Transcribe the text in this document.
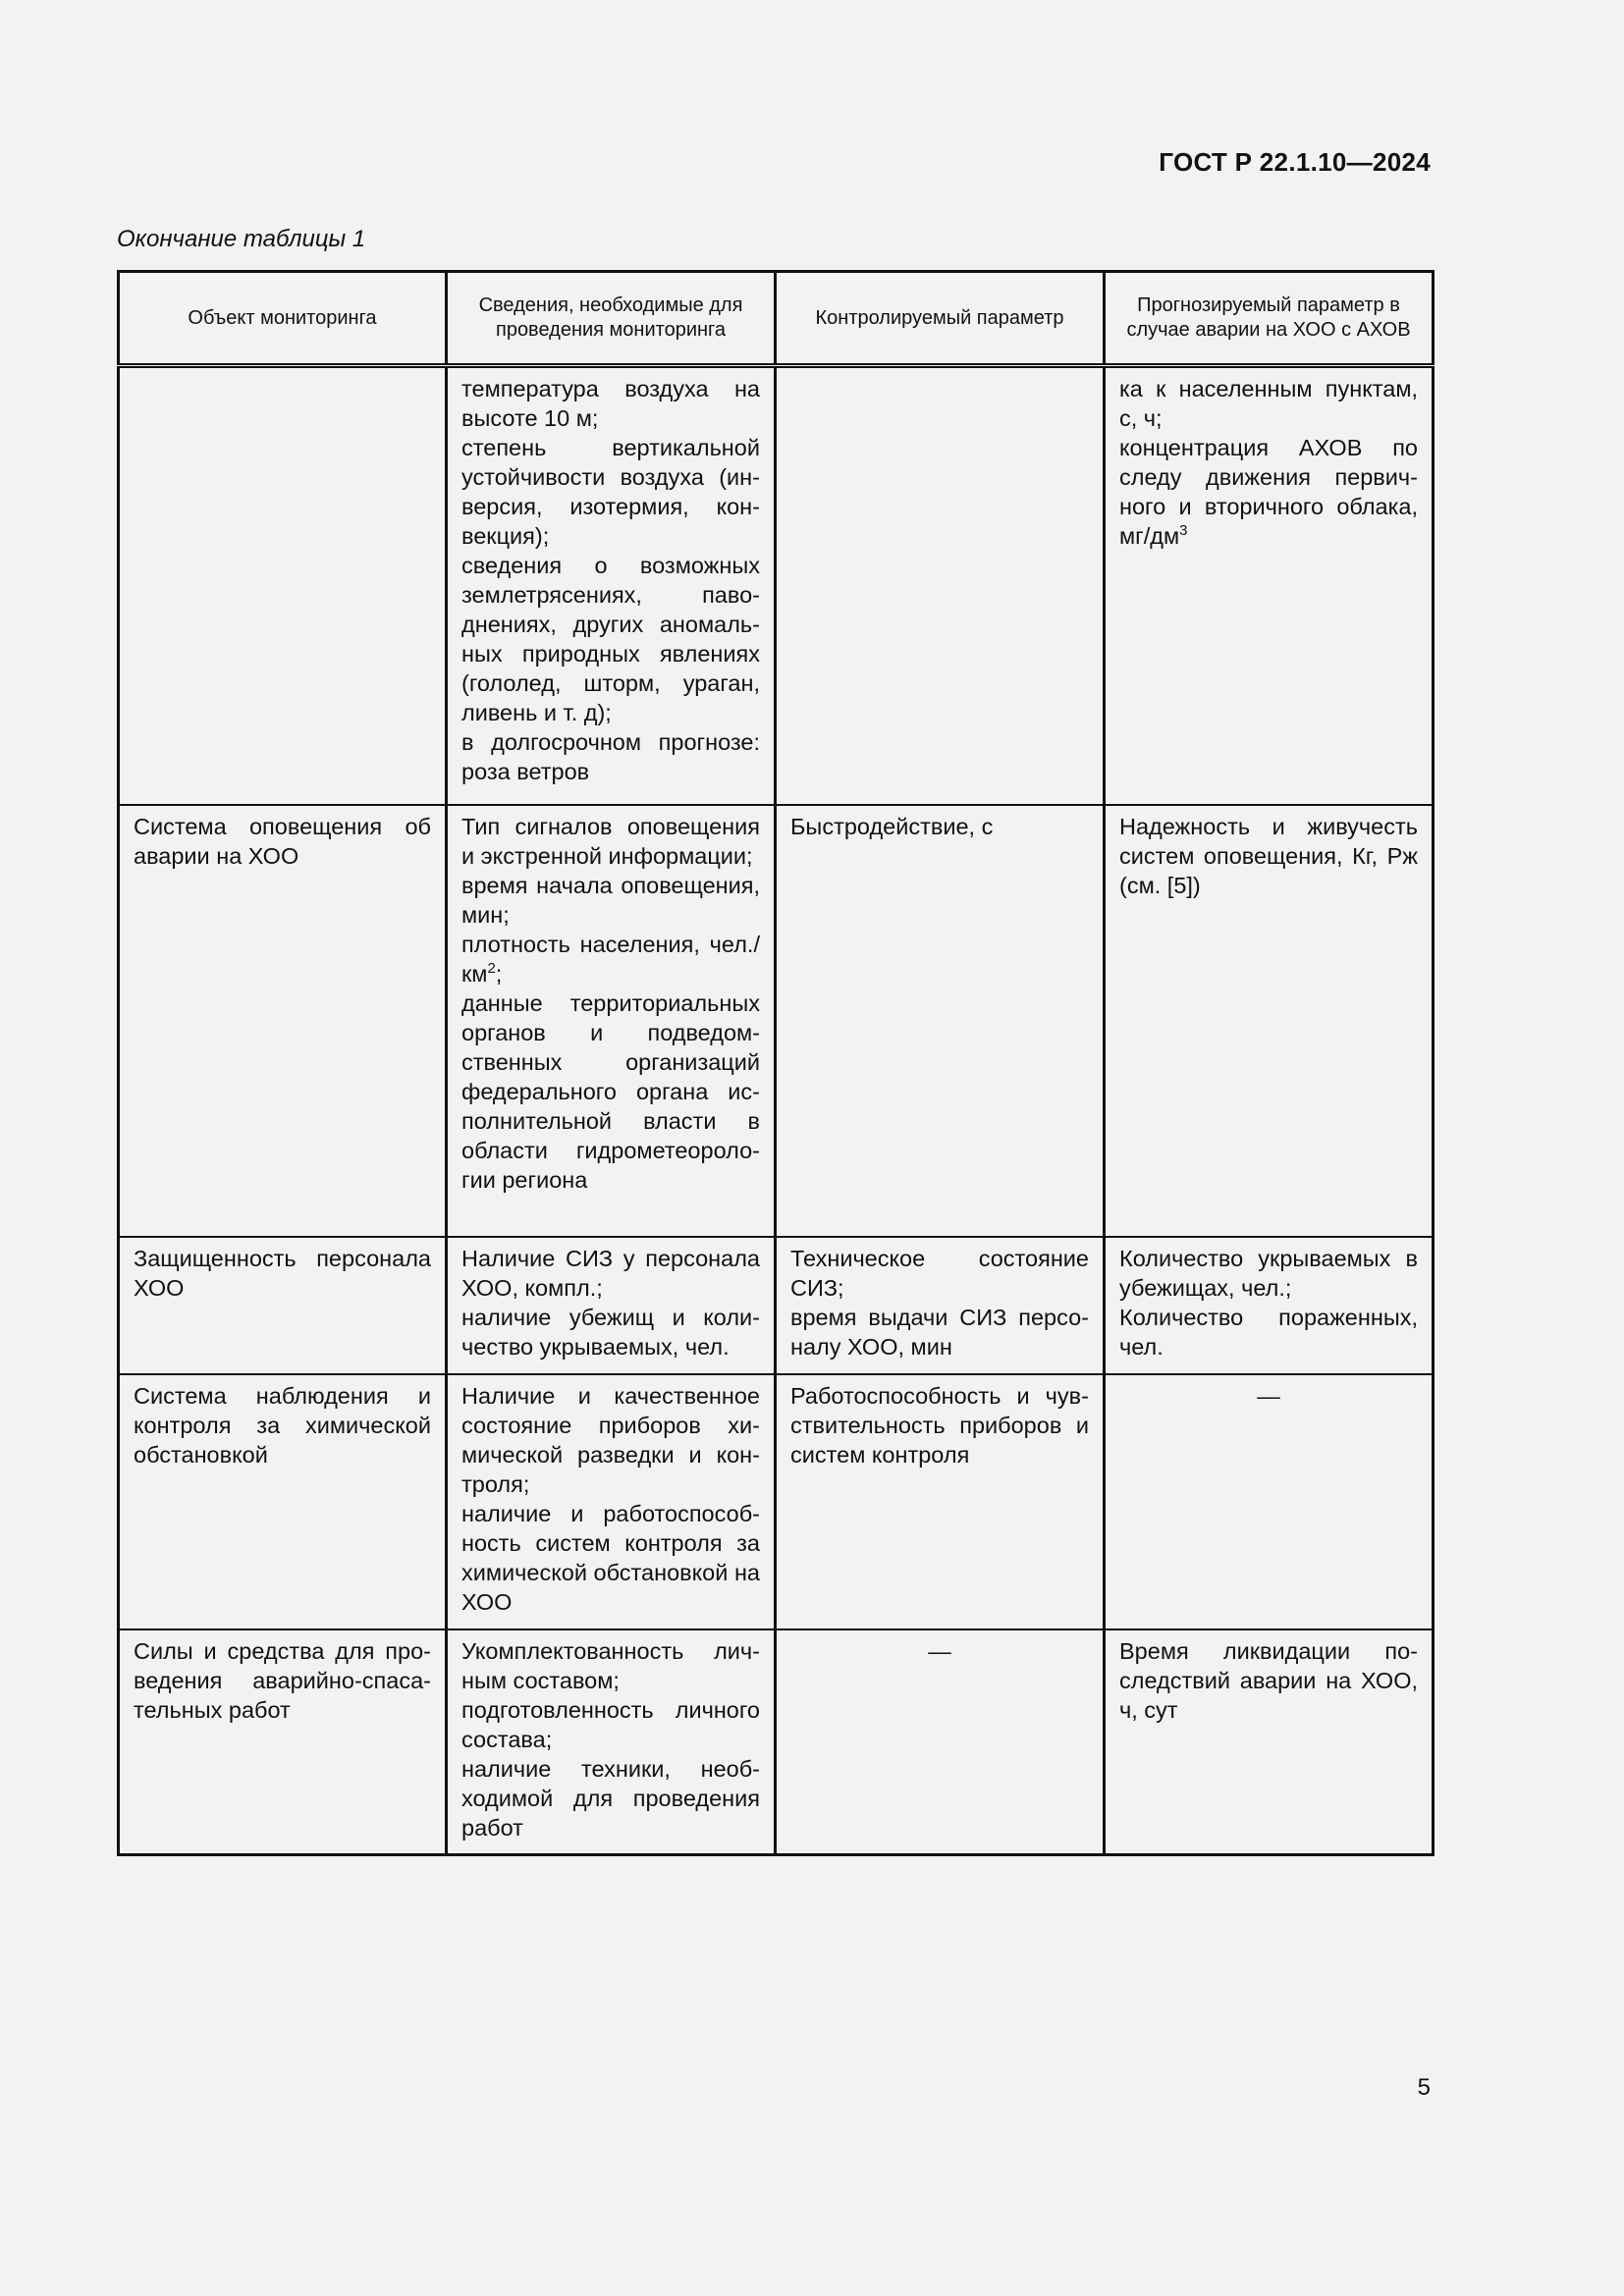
ГОСТ Р 22.1.10—2024
Окончание таблицы 1
Объект мониторинга	Сведения, необходимые для проведения мониторинга	Контролируемый параметр	Прогнозируемый параметр в случае аварии на ХОО с АХОВ

	температура воздуха на высоте 10 м;
степень вертикальной устойчивости воздуха (инверсия, изотермия, конвекция);
сведения о возможных землетрясениях, паводнениях, других аномальных природных явлениях (гололед, шторм, ураган, ливень и т. д);
в долгосрочном прогнозе: роза ветров		ка к населенным пунктам, с, ч;
концентрация АХОВ по следу движения первичного и вторичного облака, $мг/дм^3$

Система оповещения об аварии на ХОО	Тип сигналов оповещения и экстренной информации;
время начала оповещения, мин;
плотность населения, $чел./км^2$;
данные территориальных органов и подведомственных организаций федерального органа исполнительной власти в области гидрометеорологии региона	Быстродействие, с	Надежность и живучесть систем оповещения, Кг, Рж (см. [5])

Защищенность персонала ХОО	Наличие СИЗ у персонала ХОО, компл.;
наличие убежищ и количество укрываемых, чел.	Техническое состояние СИЗ;
время выдачи СИЗ персоналу ХОО, мин	Количество укрываемых в убежищах, чел.;
Количество пораженных, чел.

Система наблюдения и контроля за химической обстановкой	Наличие и качественное состояние приборов химической разведки и контроля;
наличие и работоспособность систем контроля за химической обстановкой на ХОО	Работоспособность и чувствительность приборов и систем контроля	—

Силы и средства для проведения аварийно-спасательных работ	Укомплектованность личным составом;
подготовленность личного состава;
наличие техники, необходимой для проведения работ	—	Время ликвидации последствий аварии на ХОО, ч, сут
5
